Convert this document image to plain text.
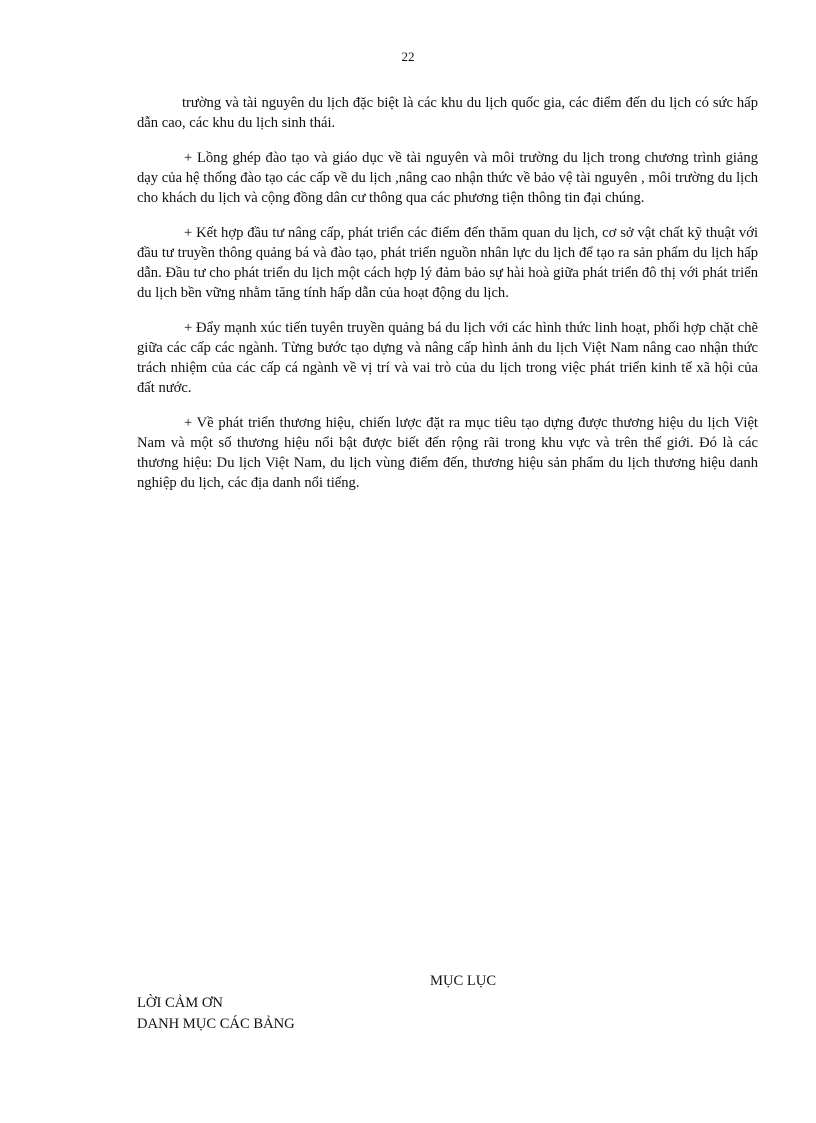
22

trường và tài nguyên du lịch đặc biệt là các khu du lịch quốc gia, các điểm đến du lịch có sức hấp dẫn cao, các khu du lịch sinh thái.

+ Lồng ghép đào tạo và giáo dục về tài nguyên và môi trường du lịch trong chương trình giảng dạy của hệ thống đào tạo các cấp về du lịch ,nâng cao nhận thức về bảo vệ tài nguyên , môi trường du lịch cho khách du lịch và cộng đồng dân cư thông qua các phương tiện thông tin đại chúng.

+ Kết hợp đầu tư nâng cấp, phát triển các điểm đến thăm quan du lịch, cơ sở vật chất kỹ thuật với đầu tư truyền thông quảng bá và đào tạo, phát triển nguồn nhân lực du lịch để tạo ra sản phẩm du lịch hấp dẫn. Đầu tư cho phát triển du lịch một cách hợp lý đảm bảo sự hài hoà giữa phát triển đô thị với phát triển du lịch bền vững nhằm tăng tính hấp dẫn của hoạt động du lịch.

+ Đẩy mạnh xúc tiến tuyên truyền quảng bá du lịch với các hình thức linh hoạt, phối hợp chặt chẽ giữa các cấp các ngành. Từng bước tạo dựng và nâng cấp hình ảnh du lịch Việt Nam nâng cao nhận thức trách nhiệm của các cấp cá ngành về vị trí và vai trò của du lịch trong việc phát triển kinh tế xã hội của đất nước.

+ Về phát triển thương hiệu, chiến lược đặt ra mục tiêu tạo dựng được thương hiệu du lịch Việt Nam và một số thương hiệu nổi bật được biết đến rộng rãi trong khu vực và trên thế giới. Đó là các thương hiệu: Du lịch Việt Nam, du lịch vùng điểm đến, thương hiệu sản phẩm du lịch thương hiệu danh nghiệp du lịch, các địa danh nổi tiếng.

MỤC LỤC
LỜI CẢM ƠN
DANH MỤC CÁC BẢNG
